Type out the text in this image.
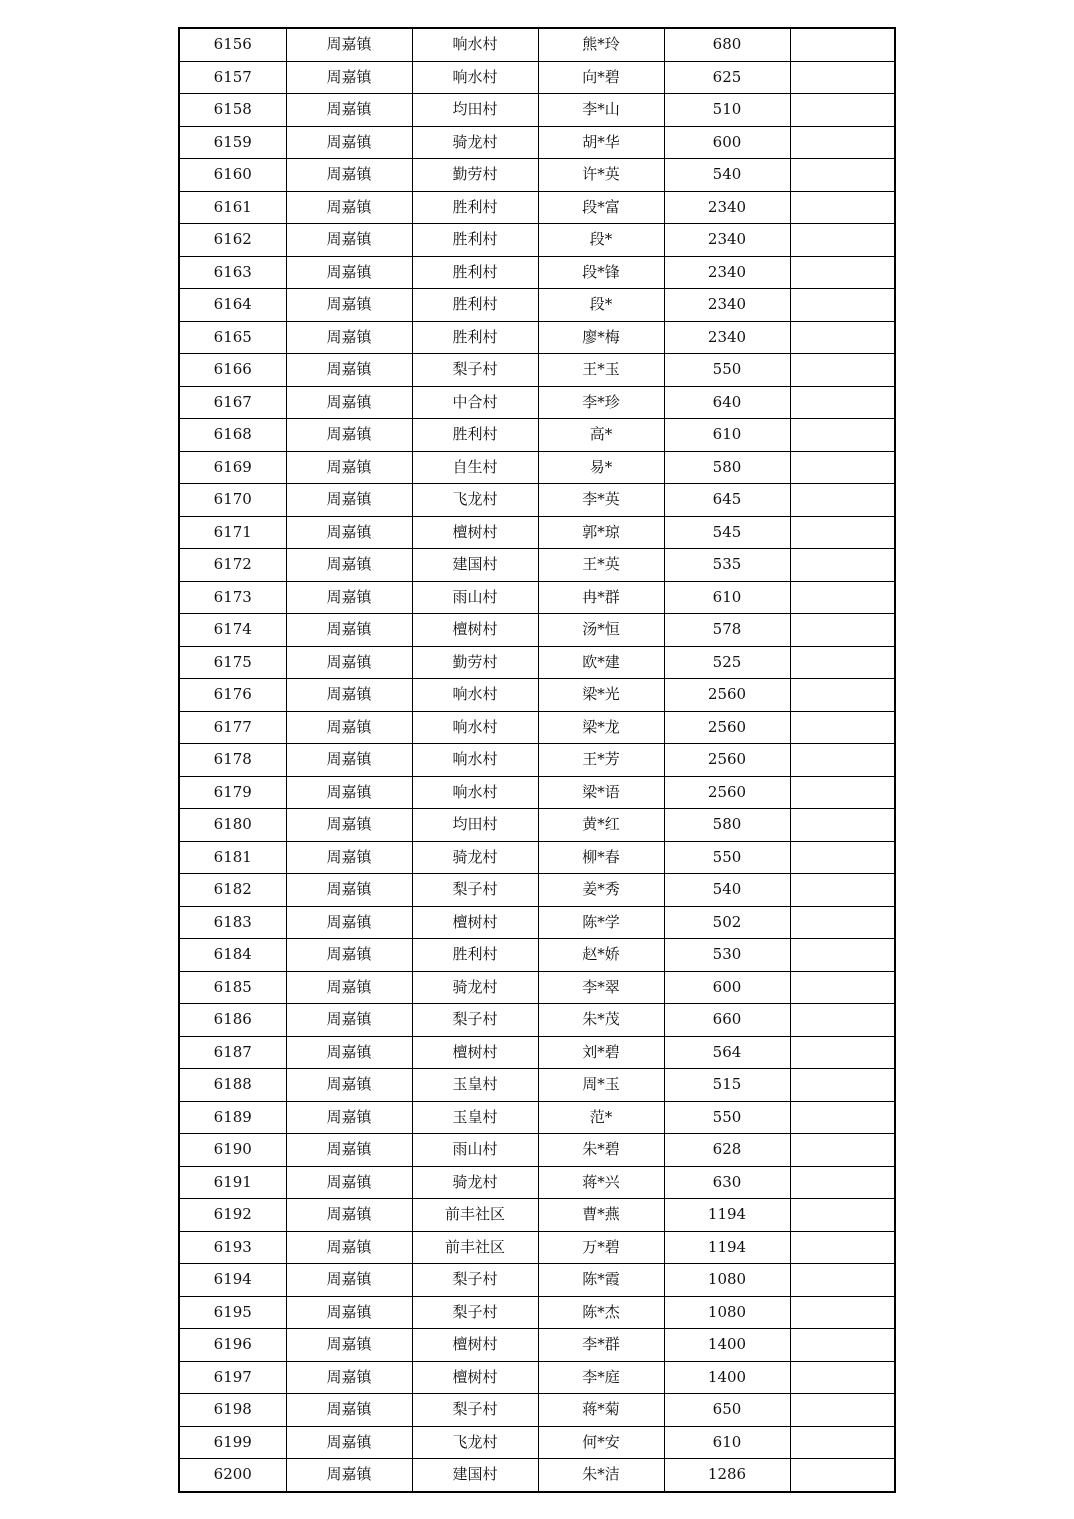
6156	周嘉镇	响水村	熊*玲	680	
6157	周嘉镇	响水村	向*碧	625	
6158	周嘉镇	均田村	李*山	510	
6159	周嘉镇	骑龙村	胡*华	600	
6160	周嘉镇	勤劳村	许*英	540	
6161	周嘉镇	胜利村	段*富	2340	
6162	周嘉镇	胜利村	段*	2340	
6163	周嘉镇	胜利村	段*锋	2340	
6164	周嘉镇	胜利村	段*	2340	
6165	周嘉镇	胜利村	廖*梅	2340	
6166	周嘉镇	梨子村	王*玉	550	
6167	周嘉镇	中合村	李*珍	640	
6168	周嘉镇	胜利村	高*	610	
6169	周嘉镇	自生村	易*	580	
6170	周嘉镇	飞龙村	李*英	645	
6171	周嘉镇	檀树村	郭*琼	545	
6172	周嘉镇	建国村	王*英	535	
6173	周嘉镇	雨山村	冉*群	610	
6174	周嘉镇	檀树村	汤*恒	578	
6175	周嘉镇	勤劳村	欧*建	525	
6176	周嘉镇	响水村	梁*光	2560	
6177	周嘉镇	响水村	梁*龙	2560	
6178	周嘉镇	响水村	王*芳	2560	
6179	周嘉镇	响水村	梁*语	2560	
6180	周嘉镇	均田村	黄*红	580	
6181	周嘉镇	骑龙村	柳*春	550	
6182	周嘉镇	梨子村	姜*秀	540	
6183	周嘉镇	檀树村	陈*学	502	
6184	周嘉镇	胜利村	赵*娇	530	
6185	周嘉镇	骑龙村	李*翠	600	
6186	周嘉镇	梨子村	朱*茂	660	
6187	周嘉镇	檀树村	刘*碧	564	
6188	周嘉镇	玉皇村	周*玉	515	
6189	周嘉镇	玉皇村	范*	550	
6190	周嘉镇	雨山村	朱*碧	628	
6191	周嘉镇	骑龙村	蒋*兴	630	
6192	周嘉镇	前丰社区	曹*燕	1194	
6193	周嘉镇	前丰社区	万*碧	1194	
6194	周嘉镇	梨子村	陈*霞	1080	
6195	周嘉镇	梨子村	陈*杰	1080	
6196	周嘉镇	檀树村	李*群	1400	
6197	周嘉镇	檀树村	李*庭	1400	
6198	周嘉镇	梨子村	蒋*菊	650	
6199	周嘉镇	飞龙村	何*安	610	
6200	周嘉镇	建国村	朱*洁	1286	
